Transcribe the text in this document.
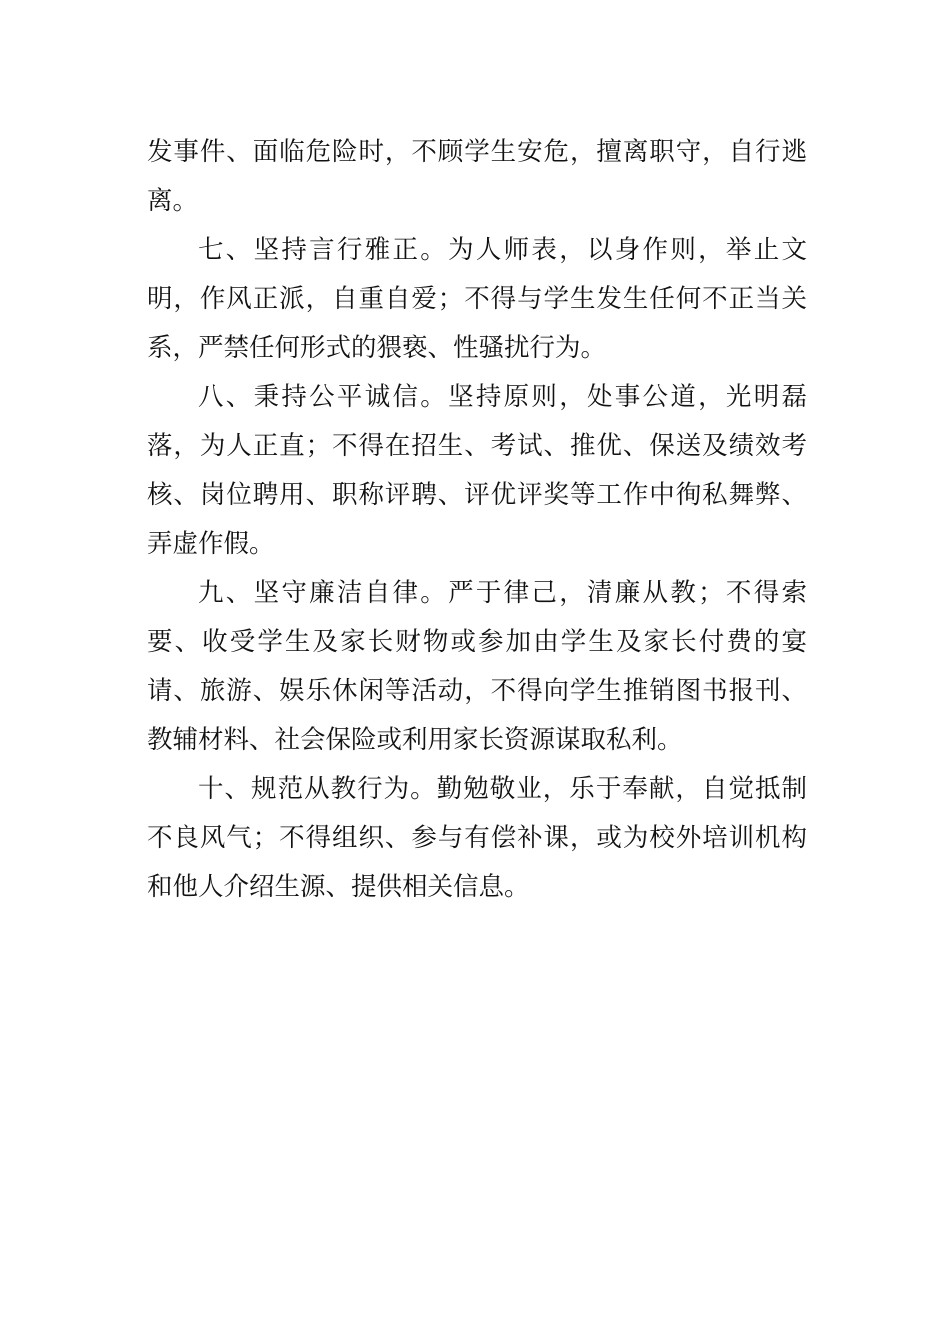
发事件、面临危险时，不顾学生安危，擅离职守，自行逃离。

七、坚持言行雅正。为人师表，以身作则，举止文明，作风正派，自重自爱；不得与学生发生任何不正当关系，严禁任何形式的猥亵、性骚扰行为。

八、秉持公平诚信。坚持原则，处事公道，光明磊落，为人正直；不得在招生、考试、推优、保送及绩效考核、岗位聘用、职称评聘、评优评奖等工作中徇私舞弊、弄虚作假。

九、坚守廉洁自律。严于律己，清廉从教；不得索要、收受学生及家长财物或参加由学生及家长付费的宴请、旅游、娱乐休闲等活动，不得向学生推销图书报刊、教辅材料、社会保险或利用家长资源谋取私利。

十、规范从教行为。勤勉敬业，乐于奉献，自觉抵制不良风气；不得组织、参与有偿补课，或为校外培训机构和他人介绍生源、提供相关信息。
